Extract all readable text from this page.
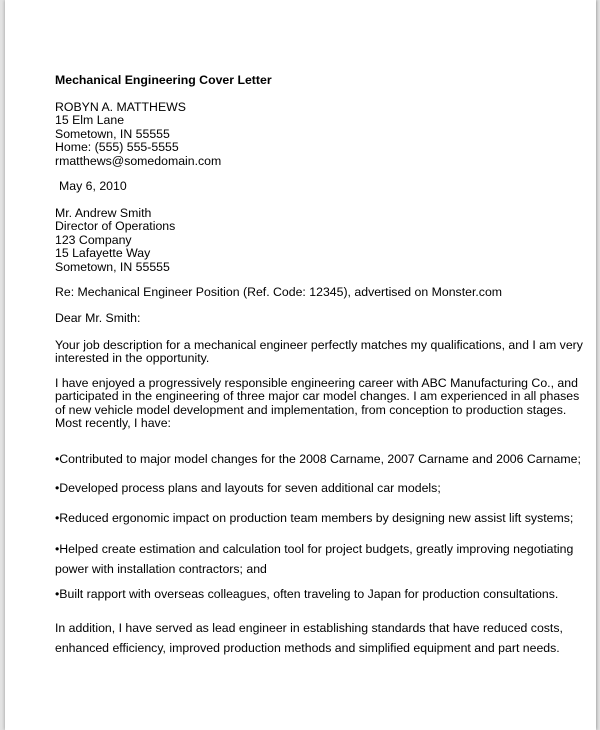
Mechanical Engineering Cover Letter
ROBYN A. MATTHEWS
15 Elm Lane
Sometown, IN 55555
Home: (555) 555-5555
rmatthews@somedomain.com
May 6, 2010
Mr. Andrew Smith
Director of Operations
123 Company
15 Lafayette Way
Sometown, IN 55555
Re: Mechanical Engineer Position (Ref. Code: 12345), advertised on Monster.com
Dear Mr. Smith:
Your job description for a mechanical engineer perfectly matches my qualifications, and I am very
interested in the opportunity.
I have enjoyed a progressively responsible engineering career with ABC Manufacturing Co., and
participated in the engineering of three major car model changes. I am experienced in all phases
of new vehicle model development and implementation, from conception to production stages.
Most recently, I have:
•Contributed to major model changes for the 2008 Carname, 2007 Carname and 2006 Carname;
•Developed process plans and layouts for seven additional car models;
•Reduced ergonomic impact on production team members by designing new assist lift systems;
•Helped create estimation and calculation tool for project budgets, greatly improving negotiating
power with installation contractors; and
•Built rapport with overseas colleagues, often traveling to Japan for production consultations.
In addition, I have served as lead engineer in establishing standards that have reduced costs,
enhanced efficiency, improved production methods and simplified equipment and part needs.
